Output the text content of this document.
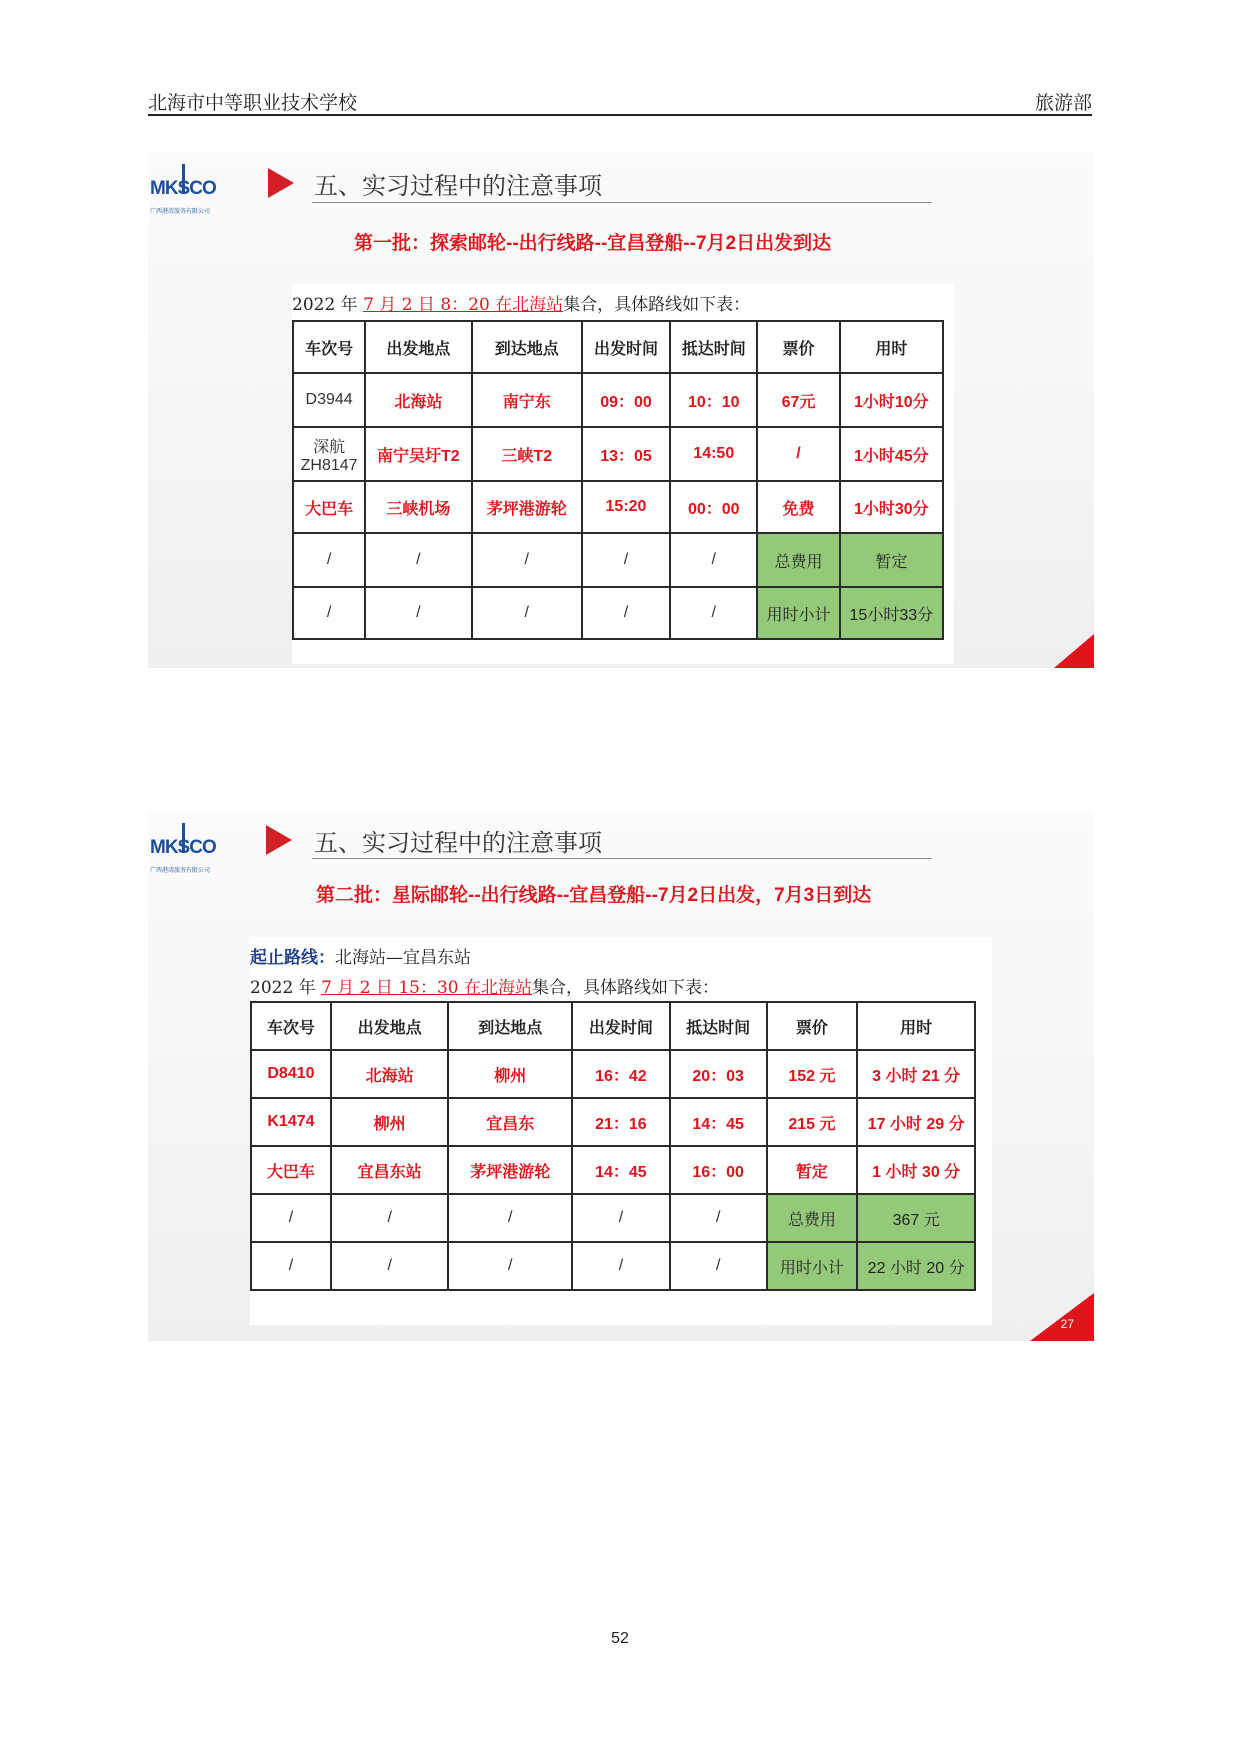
北海市中等职业技术学校	旅游部
MKSCO
广西港湾旅务有限公司
五、实习过程中的注意事项
第一批：探索邮轮--出行线路--宜昌登船--7月2日出发到达
2022 年 7 月 2 日 8：20 在北海站集合，具体路线如下表：
车次号	出发地点	到达地点	出发时间	抵达时间	票价	用时
D3944	北海站	南宁东	09：00	10：10	67元	1小时10分
深航 ZH8147	南宁吴圩T2	三峡T2	13：05	14:50	/	1小时45分
大巴车	三峡机场	茅坪港游轮	15:20	00：00	免费	1小时30分
/	/	/	/	/	总费用	暂定
/	/	/	/	/	用时小计	15小时33分
MKSCO
广西港湾旅务有限公司
五、实习过程中的注意事项
第二批：星际邮轮--出行线路--宜昌登船--7月2日出发，7月3日到达
起止路线：北海站—宜昌东站
2022 年 7 月 2 日 15：30 在北海站集合，具体路线如下表：
车次号	出发地点	到达地点	出发时间	抵达时间	票价	用时
D8410	北海站	柳州	16：42	20：03	152 元	3 小时 21 分
K1474	柳州	宜昌东	21：16	14：45	215 元	17 小时 29 分
大巴车	宜昌东站	茅坪港游轮	14：45	16：00	暂定	1 小时 30 分
/	/	/	/	/	总费用	367 元
/	/	/	/	/	用时小计	22 小时 20 分
27
52
